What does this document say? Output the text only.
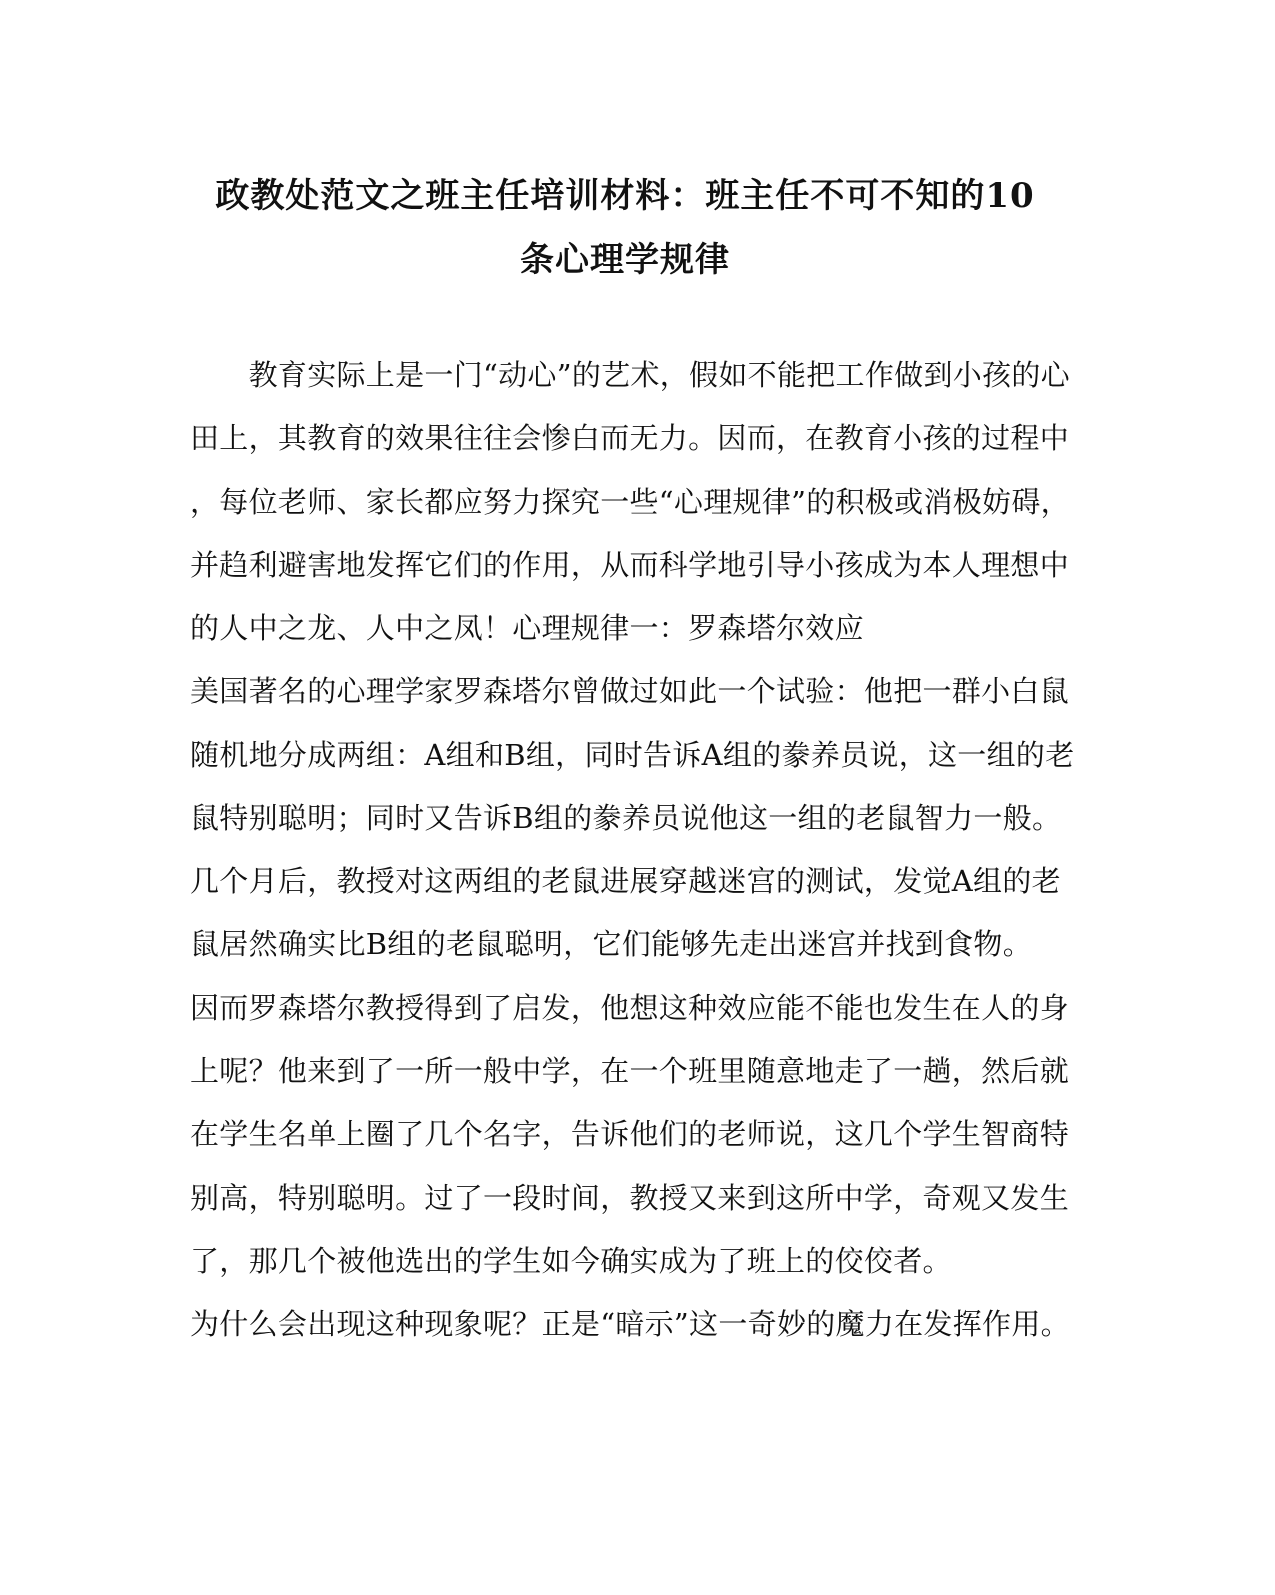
政教处范文之班主任培训材料：班主任不可不知的10
条心理学规律
　　教育实际上是一门“动心”的艺术，假如不能把工作做到小孩的心
田上，其教育的效果往往会惨白而无力。因而，在教育小孩的过程中
，每位老师、家长都应努力探究一些“心理规律”的积极或消极妨碍，
并趋利避害地发挥它们的作用，从而科学地引导小孩成为本人理想中
的人中之龙、人中之凤！心理规律一：罗森塔尔效应
美国著名的心理学家罗森塔尔曾做过如此一个试验：他把一群小白鼠
随机地分成两组：A组和B组，同时告诉A组的豢养员说，这一组的老
鼠特别聪明；同时又告诉B组的豢养员说他这一组的老鼠智力一般。
几个月后，教授对这两组的老鼠进展穿越迷宫的测试，发觉A组的老
鼠居然确实比B组的老鼠聪明，它们能够先走出迷宫并找到食物。
因而罗森塔尔教授得到了启发，他想这种效应能不能也发生在人的身
上呢？他来到了一所一般中学，在一个班里随意地走了一趟，然后就
在学生名单上圈了几个名字，告诉他们的老师说，这几个学生智商特
别高，特别聪明。过了一段时间，教授又来到这所中学，奇观又发生
了，那几个被他选出的学生如今确实成为了班上的佼佼者。
为什么会出现这种现象呢？正是“暗示”这一奇妙的魔力在发挥作用。
